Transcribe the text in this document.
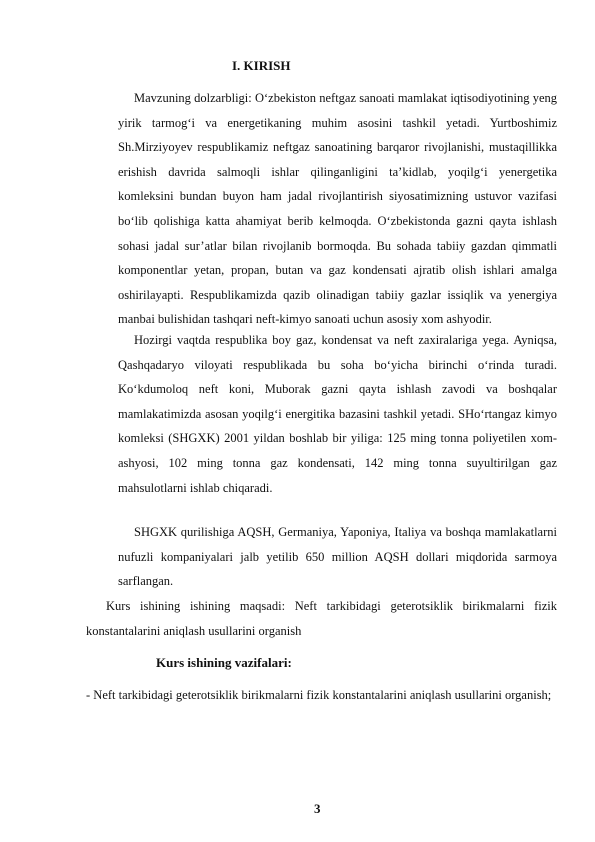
I. KIRISH

Mavzuning dolzarbligi: O‘zbekiston neftgaz sanoati mamlakat iqtisodiyotining yeng yirik tarmog‘i va energetikaning muhim asosini tashkil yetadi. Yurtboshimiz Sh.Mirziyoyev respublikamiz neftgaz sanoatining barqaror rivojlanishi, mustaqillikka erishish davrida salmoqli ishlar qilinganligini ta’kidlab, yoqilg‘i yenergetika komleksini bundan buyon ham jadal rivojlantirish siyosatimizning ustuvor vazifasi bo‘lib qolishiga katta ahamiyat berib kelmoqda. O‘zbekistonda gazni qayta ishlash sohasi jadal sur’atlar bilan rivojlanib bormoqda. Bu sohada tabiiy gazdan qimmatli komponentlar yetan, propan, butan va gaz kondensati ajratib olish ishlari amalga oshirilayapti. Respublikamizda qazib olinadigan tabiiy gazlar issiqlik va yenergiya manbai bulishidan tashqari neft-kimyo sanoati uchun asosiy xom ashyodir.

Hozirgi vaqtda respublika boy gaz, kondensat va neft zaxiralariga yega. Ayniqsa, Qashqadaryo viloyati respublikada bu soha bo‘yicha birinchi o‘rinda turadi. Ko‘kdumoloq neft koni, Muborak gazni qayta ishlash zavodi va boshqalar mamlakatimizda asosan yoqilg‘i energitika bazasini tashkil yetadi. SHo‘rtangaz kimyo komleksi (SHGXK) 2001 yildan boshlab bir yiliga: 125 ming tonna poliyetilen xom-ashyosi, 102 ming tonna gaz kondensati, 142 ming tonna suyultirilgan gaz mahsulotlarni ishlab chiqaradi.

SHGXK qurilishiga AQSH, Germaniya, Yaponiya, Italiya va boshqa mamlakatlarni nufuzli kompaniyalari jalb yetilib 650 million AQSH dollari miqdorida sarmoya sarflangan.

Kurs ishining ishining maqsadi: Neft tarkibidagi geterotsiklik birikmalarni fizik konstantalarini aniqlash usullarini organish

Kurs ishining vazifalari:

- Neft tarkibidagi geterotsiklik birikmalarni fizik konstantalarini aniqlash usullarini organish;

3
